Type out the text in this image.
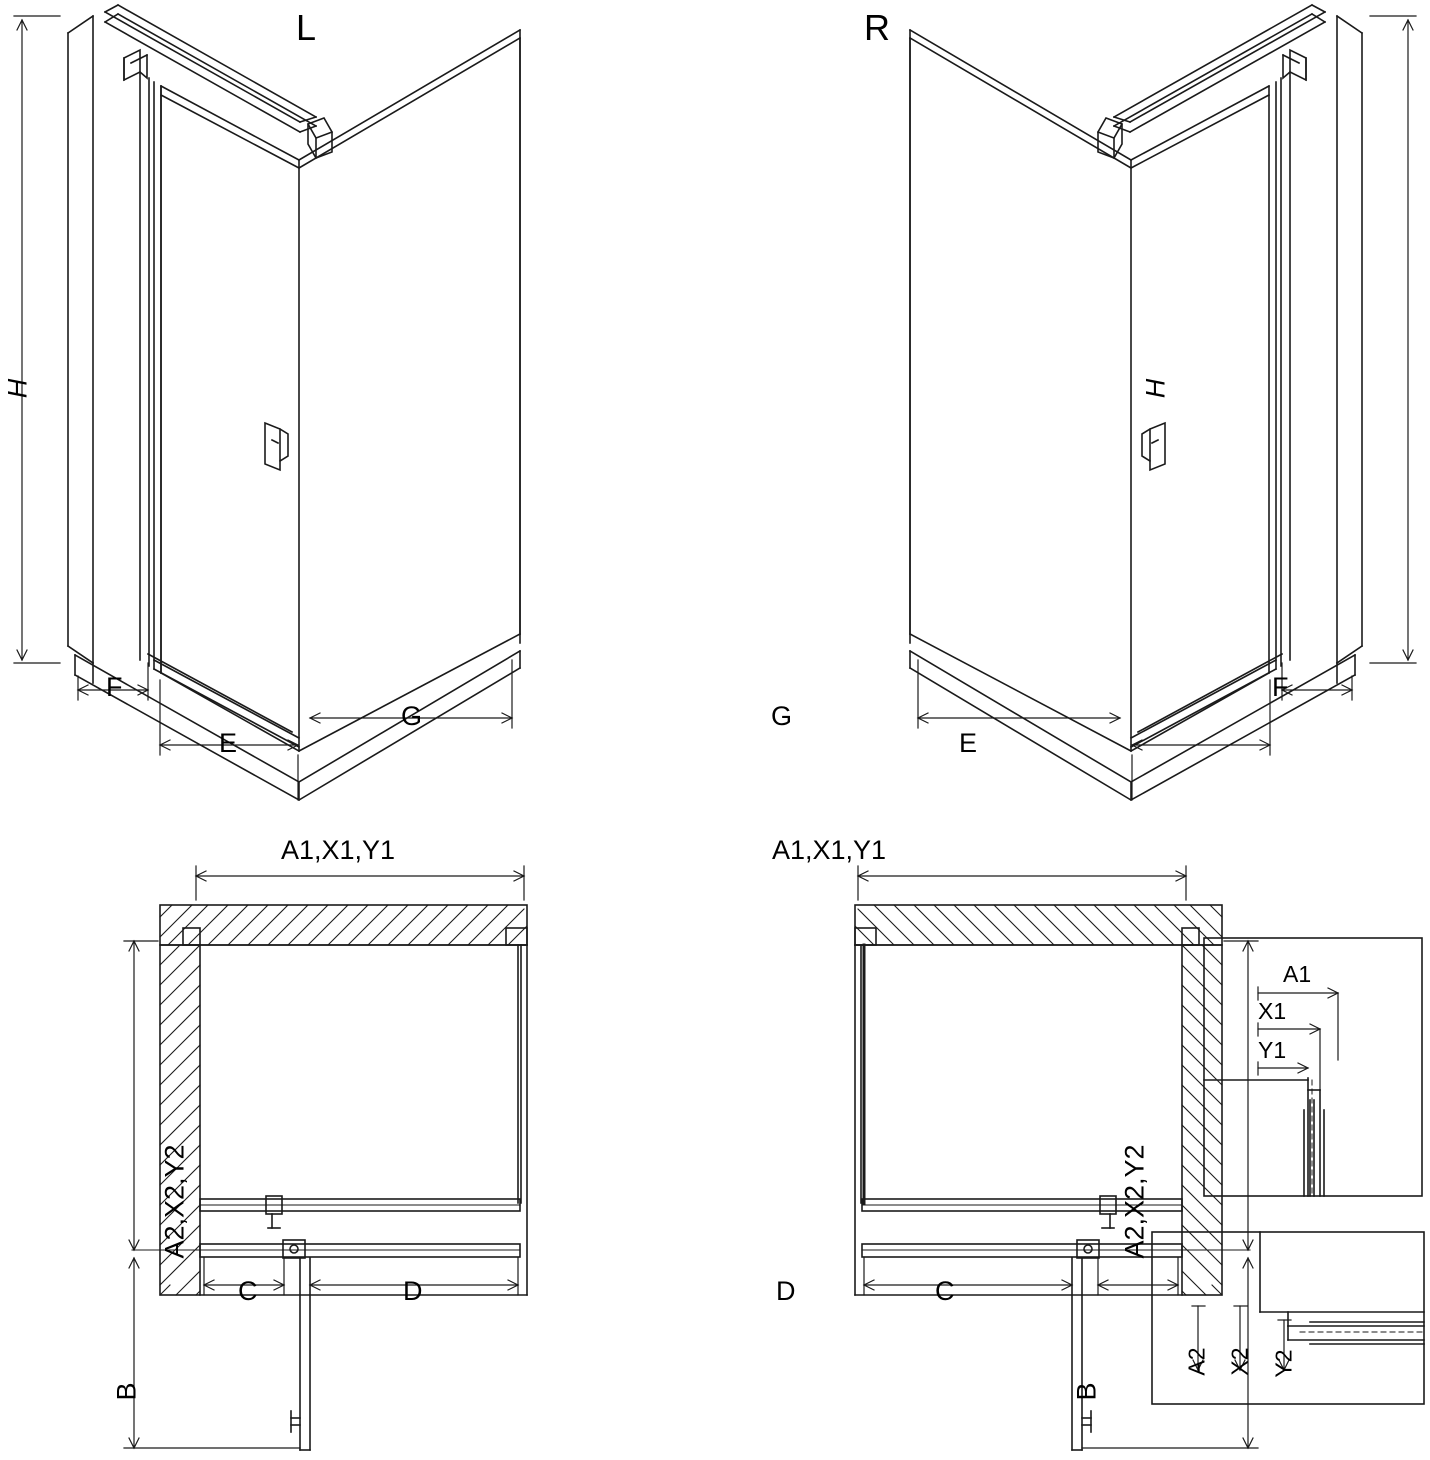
L	R
H
F
E
G
H
F
E
G
A1,X1,Y1
A2,X2,Y2
C	D
B
A1,X1,Y1
A2,X2,Y2
C
D
B
A1
X1
Y1
A2 X2 Y2
